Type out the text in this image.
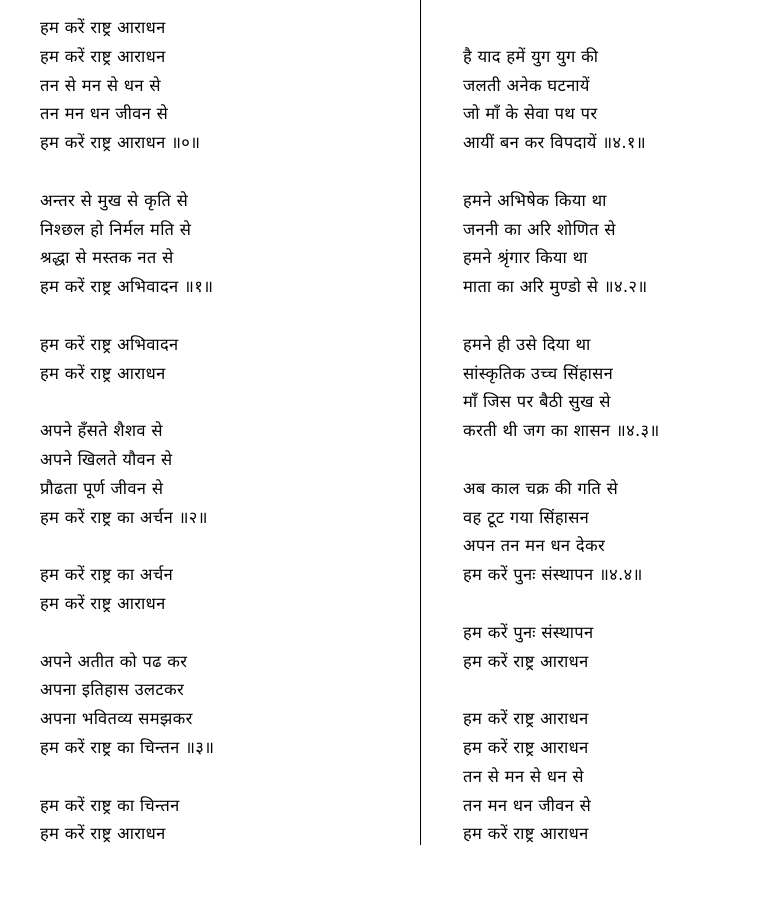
हम करें राष्ट्र आराधन
हम करें राष्ट्र आराधन
तन से मन से धन से
तन मन धन जीवन से
हम करें राष्ट्र आराधन ॥०॥
अन्तर से मुख से कृति से
निश्छल हो निर्मल मति से
श्रद्धा से मस्तक नत से
हम करें राष्ट्र अभिवादन ॥१॥
हम करें राष्ट्र अभिवादन
हम करें राष्ट्र आराधन
अपने हँसते शैशव से
अपने खिलते यौवन से
प्रौढता पूर्ण जीवन से
हम करें राष्ट्र का अर्चन ॥२॥
हम करें राष्ट्र का अर्चन
हम करें राष्ट्र आराधन
अपने अतीत को पढ कर
अपना इतिहास उलटकर
अपना भवितव्य समझकर
हम करें राष्ट्र का चिन्तन ॥३॥
हम करें राष्ट्र का चिन्तन
हम करें राष्ट्र आराधन
है याद हमें युग युग की
जलती अनेक घटनायें
जो माँ के सेवा पथ पर
आयीं बन कर विपदायें ॥४.१॥
हमने अभिषेक किया था
जननी का अरि शोणित से
हमने श्रृंगार किया था
माता का अरि मुण्डो से ॥४.२॥
हमने ही उसे दिया था
सांस्कृतिक उच्च सिंहासन
माँ जिस पर बैठी सुख से
करती थी जग का शासन ॥४.३॥
अब काल चक्र की गति से
वह टूट गया सिंहासन
अपन तन मन धन देकर
हम करें पुनः संस्थापन ॥४.४॥
हम करें पुनः संस्थापन
हम करें राष्ट्र आराधन
हम करें राष्ट्र आराधन
हम करें राष्ट्र आराधन
तन से मन से धन से
तन मन धन जीवन से
हम करें राष्ट्र आराधन
